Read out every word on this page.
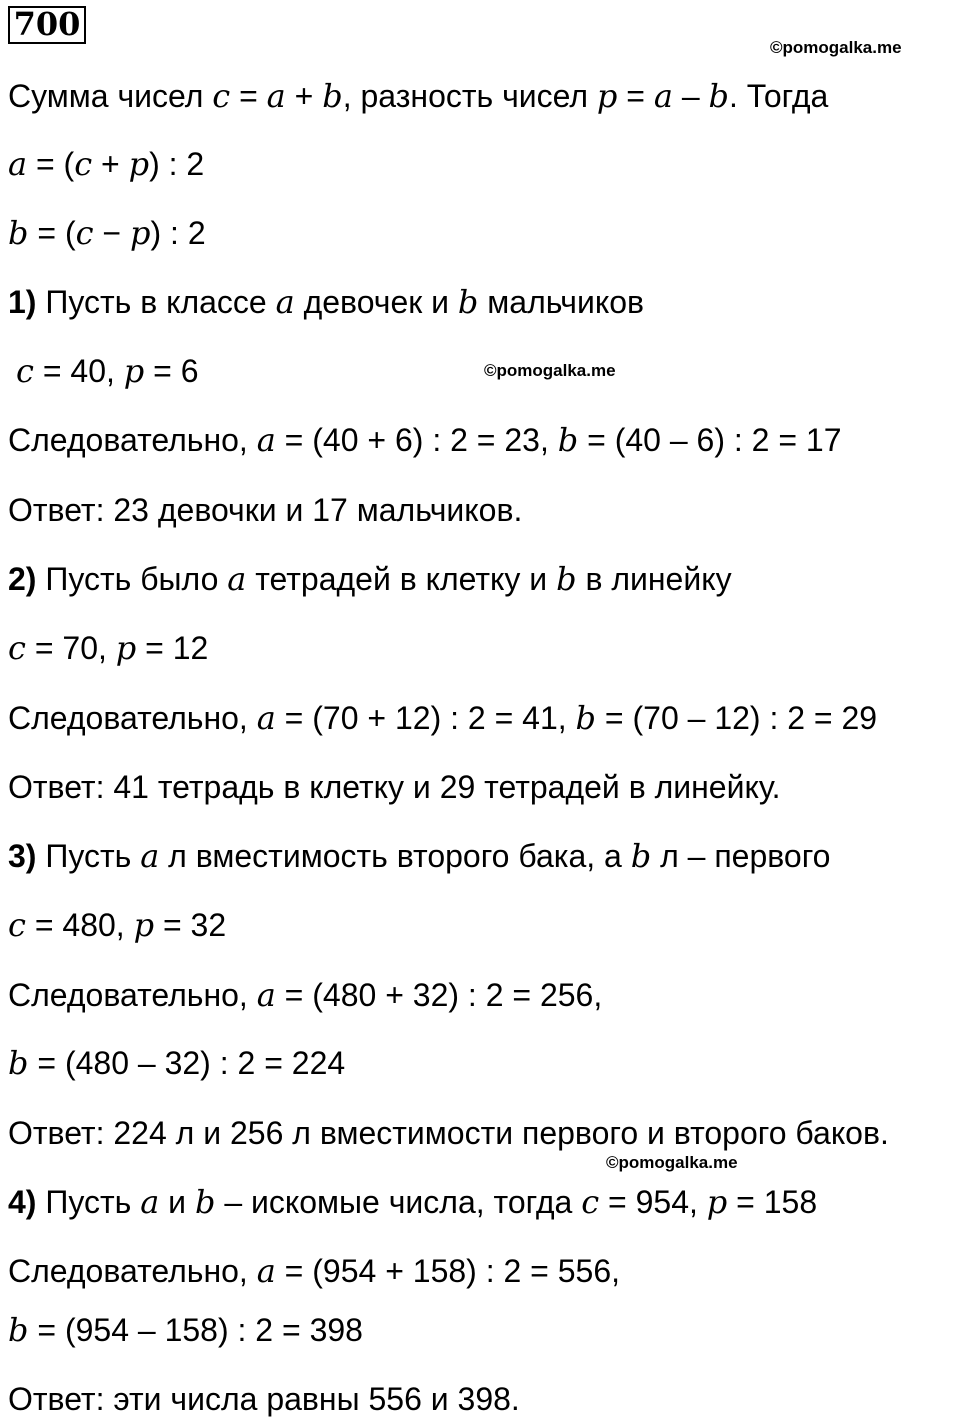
700
©pomogalka.me
©pomogalka.me
©pomogalka.me
Сумма чисел c = a + b, разность чисел p = a – b. Тогда
a = (c + p) : 2
b = (c − p) : 2
1) Пусть в классе a девочек и b мальчиков
c = 40, p = 6
Следовательно, a = (40 + 6) : 2 = 23, b = (40 – 6) : 2 = 17
Ответ: 23 девочки и 17 мальчиков.
2) Пусть было a тетрадей в клетку и b в линейку
c = 70, p = 12
Следовательно, a = (70 + 12) : 2 = 41, b = (70 – 12) : 2 = 29
Ответ: 41 тетрадь в клетку и 29 тетрадей в линейку.
3) Пусть a л вместимость второго бака, а b л – первого
c = 480, p = 32
Следовательно, a = (480 + 32) : 2 = 256,
b = (480 – 32) : 2 = 224
Ответ: 224 л и 256 л вместимости первого и второго баков.
4) Пусть a и b – искомые числа, тогда c = 954, p = 158
Следовательно, a = (954 + 158) : 2 = 556,
b = (954 – 158) : 2 = 398
Ответ: эти числа равны 556 и 398.
